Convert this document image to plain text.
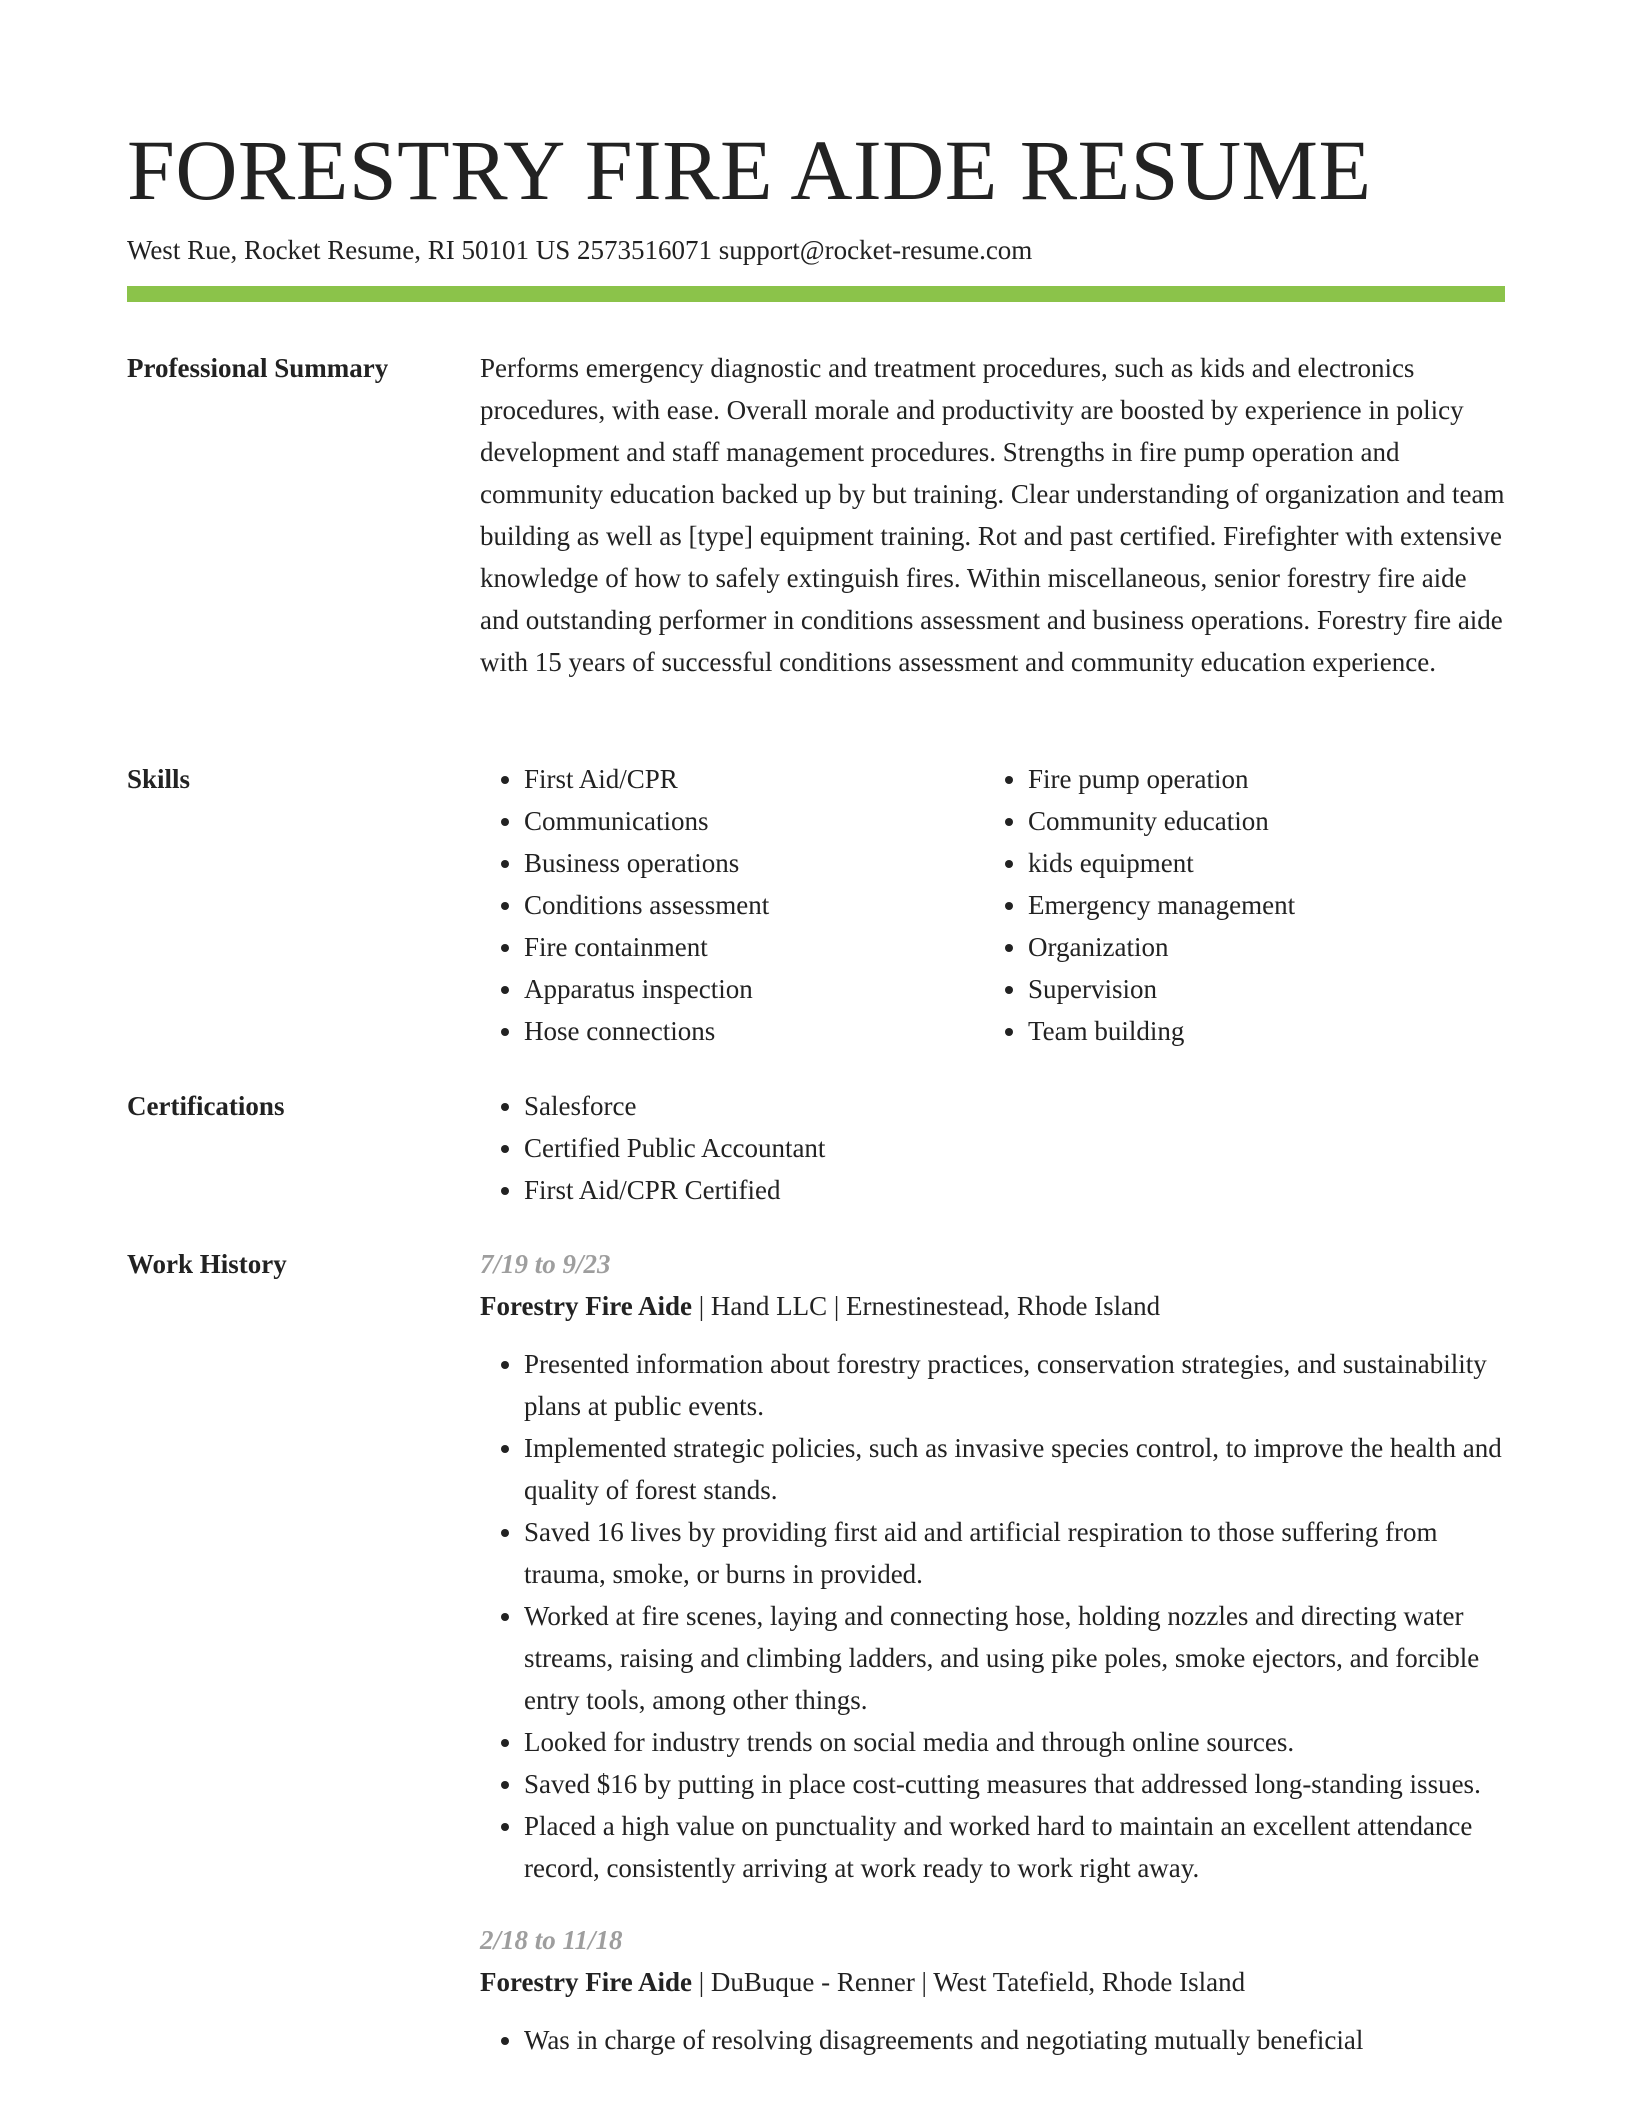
FORESTRY FIRE AIDE RESUME
West Rue, Rocket Resume, RI 50101 US 2573516071 support@rocket-resume.com
Professional Summary	Performs emergency diagnostic and treatment procedures, such as kids and electronics procedures, with ease. Overall morale and productivity are boosted by experience in policy development and staff management procedures. Strengths in fire pump operation and community education backed up by but training. Clear understanding of organization and team building as well as [type] equipment training. Rot and past certified. Firefighter with extensive knowledge of how to safely extinguish fires. Within miscellaneous, senior forestry fire aide and outstanding performer in conditions assessment and business operations. Forestry fire aide with 15 years of successful conditions assessment and community education experience.

Skills	• First Aid/CPR
• Communications
• Business operations
• Conditions assessment
• Fire containment
• Apparatus inspection
• Hose connections
• Fire pump operation
• Community education
• kids equipment
• Emergency management
• Organization
• Supervision
• Team building
Certifications	• Salesforce
• Certified Public Accountant
• First Aid/CPR Certified
Work History	7/19 to 9/23
Forestry Fire Aide | Hand LLC | Ernestinestead, Rhode Island
• Presented information about forestry practices, conservation strategies, and sustainability plans at public events.
• Implemented strategic policies, such as invasive species control, to improve the health and quality of forest stands.
• Saved 16 lives by providing first aid and artificial respiration to those suffering from trauma, smoke, or burns in provided.
• Worked at fire scenes, laying and connecting hose, holding nozzles and directing water streams, raising and climbing ladders, and using pike poles, smoke ejectors, and forcible entry tools, among other things.
• Looked for industry trends on social media and through online sources.
• Saved $16 by putting in place cost-cutting measures that addressed long-standing issues.
• Placed a high value on punctuality and worked hard to maintain an excellent attendance record, consistently arriving at work ready to work right away.
2/18 to 11/18
Forestry Fire Aide | DuBuque - Renner | West Tatefield, Rhode Island
• Was in charge of resolving disagreements and negotiating mutually beneficial
